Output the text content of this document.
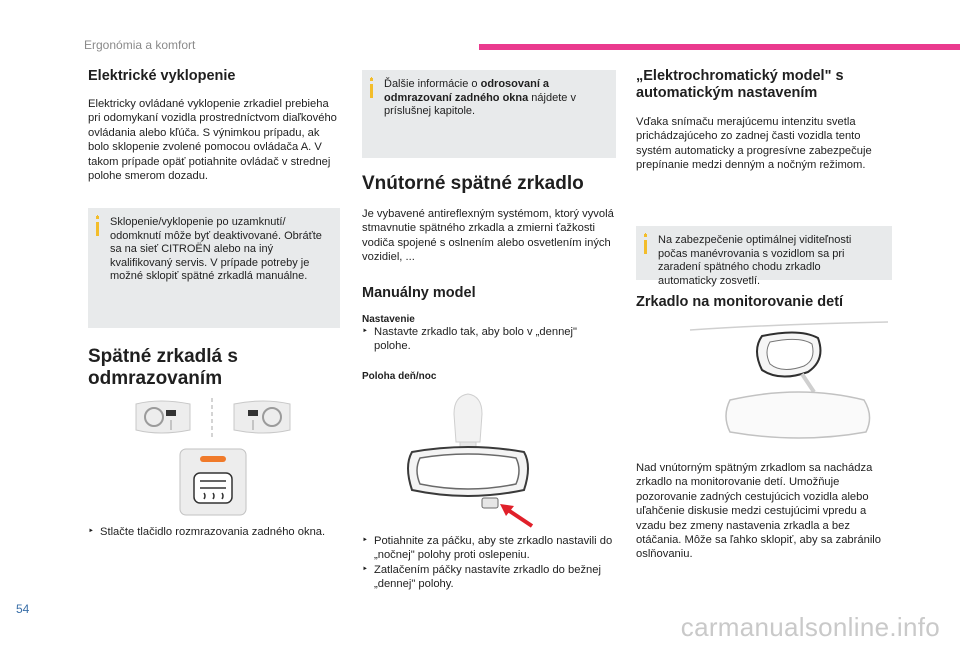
Ergonómia a komfort
Elektrické vyklopenie

Elektricky ovládané vyklopenie zrkadiel prebieha pri odomykaní vozidla prostredníctvom diaľkového ovládania alebo kľúča. S výnimkou prípadu, ak bolo sklopenie zvolené pomocou ovládača A. V takom prípade opäť potiahnite ovládač v strednej polohe smerom dozadu.

Sklopenie/vyklopenie po uzamknutí/ odomknutí môže byť deaktivované. Obráťte sa na sieť CITROËN alebo na iný kvalifikovaný servis. V prípade potreby je možné sklopiť spätné zrkadlá manuálne.

Spätné zrkadlá s odmrazovaním
‣ Stlačte tlačidlo rozmrazovania zadného okna.

Ďalšie informácie o odrosovaní a odmrazovaní zadného okna nájdete v príslušnej kapitole.

Vnútorné spätné zrkadlo

Je vybavené antireflexným systémom, ktorý vyvolá stmavnutie spätného zrkadla a zmierni ťažkosti vodiča spojené s oslnením alebo osvetlením iných vozidiel, ...

Manuálny model
Nastavenie
‣ Nastavte zrkadlo tak, aby bolo v „dennej" polohe.
Poloha deň/noc
‣ Potiahnite za páčku, aby ste zrkadlo nastavili do „nočnej" polohy proti oslepeniu.
‣ Zatlačením páčky nastavíte zrkadlo do bežnej „dennej" polohy.
„Elektrochromatický model" s automatickým nastavením

Vďaka snímaču merajúcemu intenzitu svetla prichádzajúceho zo zadnej časti vozidla tento systém automaticky a progresívne zabezpečuje prepínanie medzi denným a nočným režimom.

Na zabezpečenie optimálnej viditeľnosti počas manévrovania s vozidlom sa pri zaradení spätného chodu zrkadlo automaticky zosvetlí.

Zrkadlo na monitorovanie detí

Nad vnútorným spätným zrkadlom sa nachádza zrkadlo na monitorovanie detí. Umožňuje pozorovanie zadných cestujúcich vozidla alebo uľahčenie diskusie medzi cestujúcimi vpredu a vzadu bez zmeny nastavenia zrkadla a bez otáčania. Môže sa ľahko sklopiť, aby sa zabránilo oslňovaniu.

54
carmanualsonline.info
